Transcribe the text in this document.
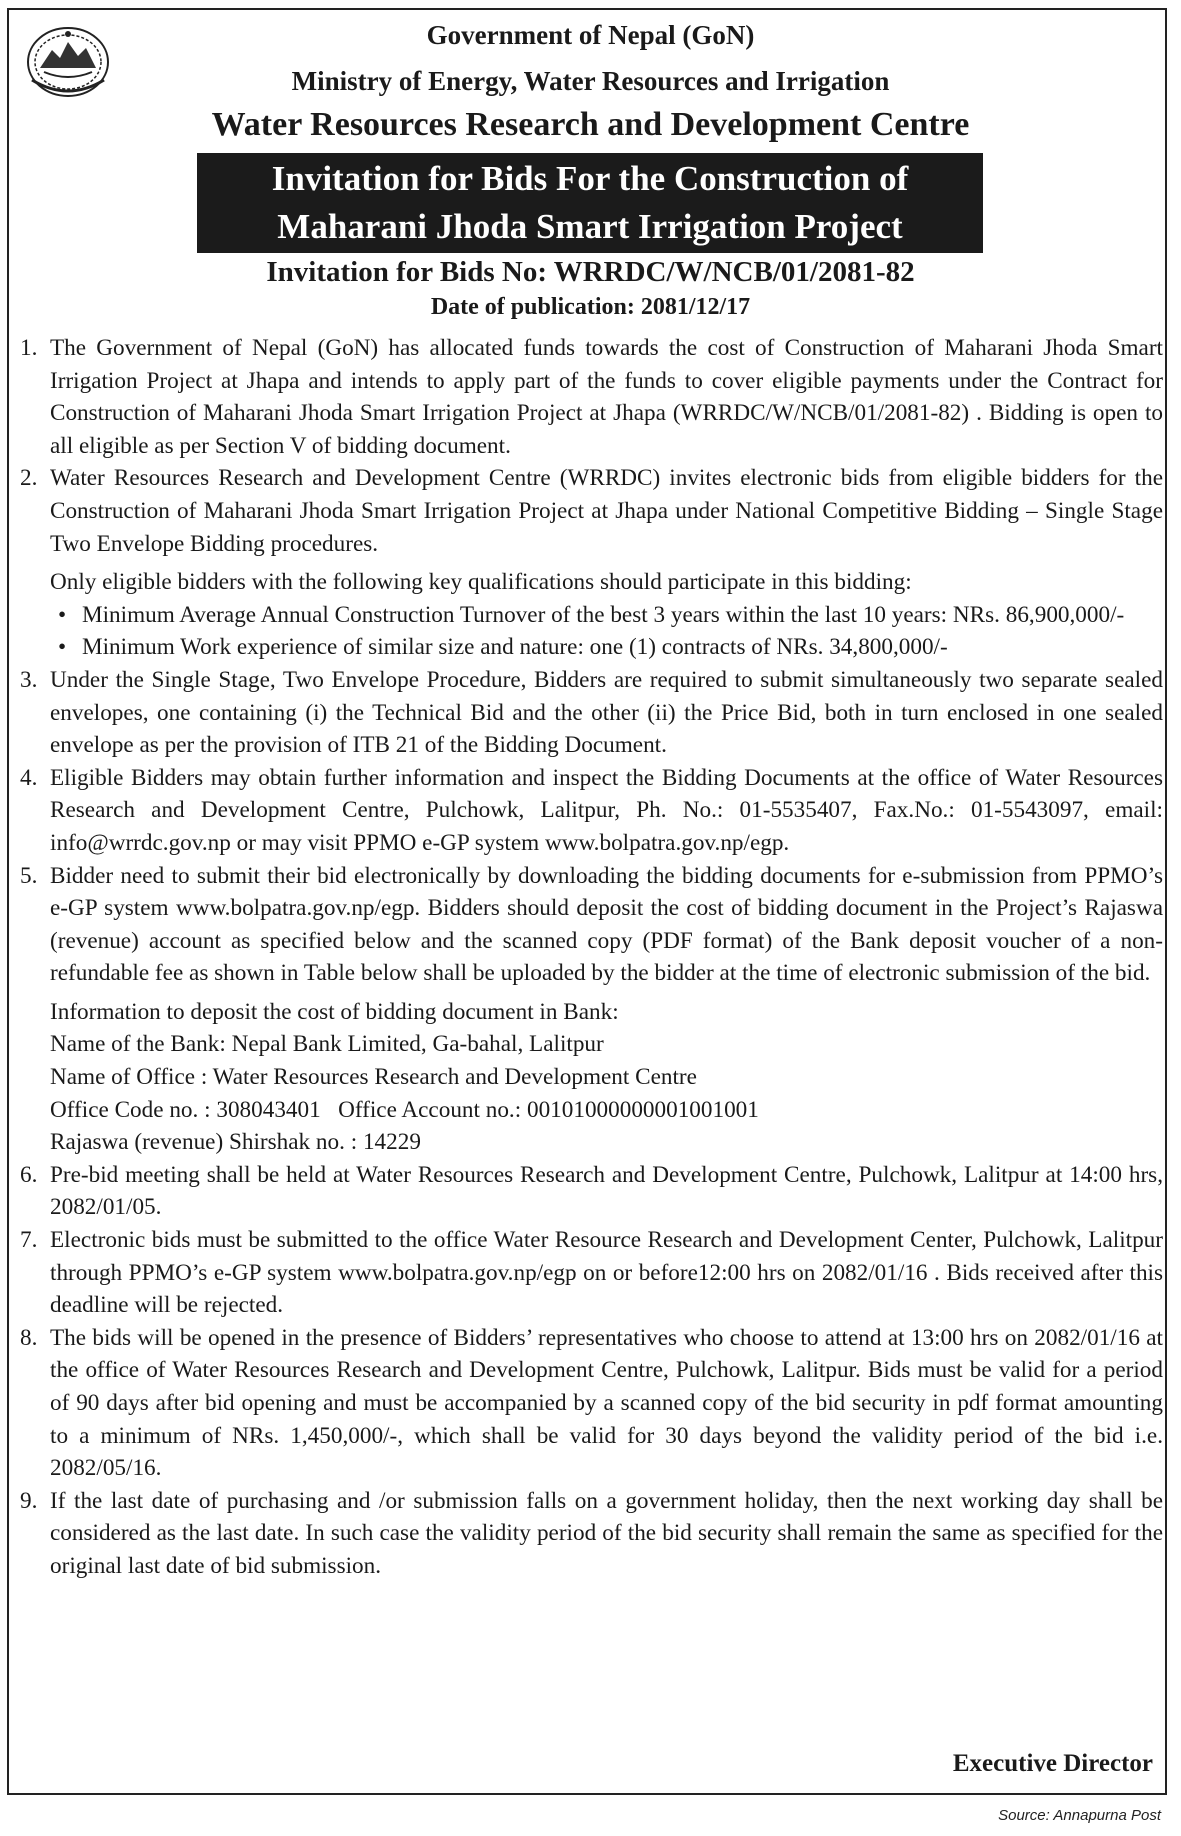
Government of Nepal (GoN)
Ministry of Energy, Water Resources and Irrigation
Water Resources Research and Development Centre
Invitation for Bids For the Construction of
Maharani Jhoda Smart Irrigation Project
Invitation for Bids No: WRRDC/W/NCB/01/2081-82
Date of publication: 2081/12/17
1. The Government of Nepal (GoN) has allocated funds towards the cost of Construction of Maharani Jhoda Smart Irrigation Project at Jhapa and intends to apply part of the funds to cover eligible payments under the Contract for Construction of Maharani Jhoda Smart Irrigation Project at Jhapa (WRRDC/W/NCB/01/2081-82) . Bidding is open to all eligible as per Section V of bidding document.
2. Water Resources Research and Development Centre (WRRDC) invites electronic bids from eligible bidders for the Construction of Maharani Jhoda Smart Irrigation Project at Jhapa under National Competitive Bidding – Single Stage Two Envelope Bidding procedures.
Only eligible bidders with the following key qualifications should participate in this bidding:
• Minimum Average Annual Construction Turnover of the best 3 years within the last 10 years: NRs. 86,900,000/-
• Minimum Work experience of similar size and nature: one (1) contracts of NRs. 34,800,000/-
3. Under the Single Stage, Two Envelope Procedure, Bidders are required to submit simultaneously two separate sealed envelopes, one containing (i) the Technical Bid and the other (ii) the Price Bid, both in turn enclosed in one sealed envelope as per the provision of ITB 21 of the Bidding Document.
4. Eligible Bidders may obtain further information and inspect the Bidding Documents at the office of Water Resources Research and Development Centre, Pulchowk, Lalitpur, Ph. No.: 01-5535407, Fax.No.: 01-5543097, email: info@wrrdc.gov.np or may visit PPMO e-GP system www.bolpatra.gov.np/egp.
5. Bidder need to submit their bid electronically by downloading the bidding documents for e-submission from PPMO’s e-GP system www.bolpatra.gov.np/egp. Bidders should deposit the cost of bidding document in the Project’s Rajaswa (revenue) account as specified below and the scanned copy (PDF format) of the Bank deposit voucher of a non-refundable fee as shown in Table below shall be uploaded by the bidder at the time of electronic submission of the bid.
Information to deposit the cost of bidding document in Bank:
Name of the Bank: Nepal Bank Limited, Ga-bahal, Lalitpur
Name of Office : Water Resources Research and Development Centre
Office Code no. : 308043401   Office Account no.: 00101000000001001001
Rajaswa (revenue) Shirshak no. : 14229
6. Pre-bid meeting shall be held at Water Resources Research and Development Centre, Pulchowk, Lalitpur at 14:00 hrs, 2082/01/05.
7. Electronic bids must be submitted to the office Water Resource Research and Development Center, Pulchowk, Lalitpur through PPMO’s e-GP system www.bolpatra.gov.np/egp on or before12:00 hrs on 2082/01/16 . Bids received after this deadline will be rejected.
8. The bids will be opened in the presence of Bidders’ representatives who choose to attend at 13:00 hrs on 2082/01/16 at the office of Water Resources Research and Development Centre, Pulchowk, Lalitpur. Bids must be valid for a period of 90 days after bid opening and must be accompanied by a scanned copy of the bid security in pdf format amounting to a minimum of NRs. 1,450,000/-, which shall be valid for 30 days beyond the validity period of the bid i.e. 2082/05/16.
9. If the last date of purchasing and /or submission falls on a government holiday, then the next working day shall be considered as the last date. In such case the validity period of the bid security shall remain the same as specified for the original last date of bid submission.
Executive Director
Source: Annapurna Post
